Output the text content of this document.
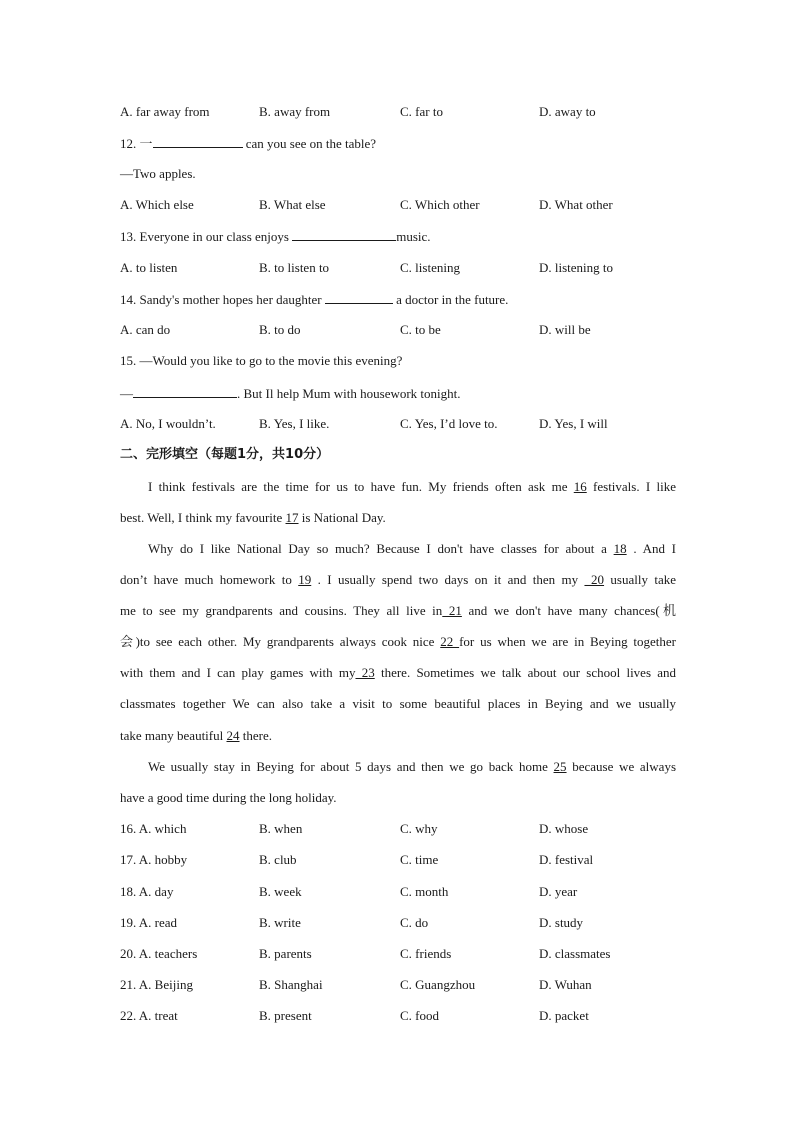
A. far away from	B. away from	C. far to	D. away to
12. 一	can you see on the table?
—Two apples.
A. Which else	B. What else	C. Which other	D. What other
13. Everyone in our class enjoys	music.
A. to listen	B. to listen to	C. listening	D. listening to
14. Sandy's mother hopes her daughter	a doctor in the future.
A. can do	B. to do	C. to be	D. will be
15. —Would you like to go to the movie this evening?
—	. But Il help Mum with housework tonight.
A. No, I wouldn’t.	B. Yes, I like.	C. Yes, I’d love to.	D. Yes, I will
二、完形填空（每题1分，共10分）
I think festivals are the time for us to have fun. My friends often ask me 16 festivals. I like
best. Well, I think my favourite 17 is National Day.
Why do I like National Day so much? Because I don't have classes for about a 18 . And I
don’t have much homework to 19 . I usually spend two days on it and then my _20 usually take
me to see my grandparents and cousins. They all live in 21 and we don't have many chances(机
会)to see each other. My grandparents always cook nice 22 for us when we are in Beying together
with them and I can play games with my 23 there. Sometimes we talk about our school lives and
classmates together We can also take a visit to some beautiful places in Beying and we usually
take many beautiful 24 there.
We usually stay in Beying for about 5 days and then we go back home 25 because we always
have a good time during the long holiday.
16. A. which	B. when	C. why	D. whose
17. A. hobby	B. club	C. time	D. festival
18. A. day	B. week	C. month	D. year
19. A. read	B. write	C. do	D. study
20. A. teachers	B. parents	C. friends	D. classmates
21. A. Beijing	B. Shanghai	C. Guangzhou	D. Wuhan
22. A. treat	B. present	C. food	D. packet
